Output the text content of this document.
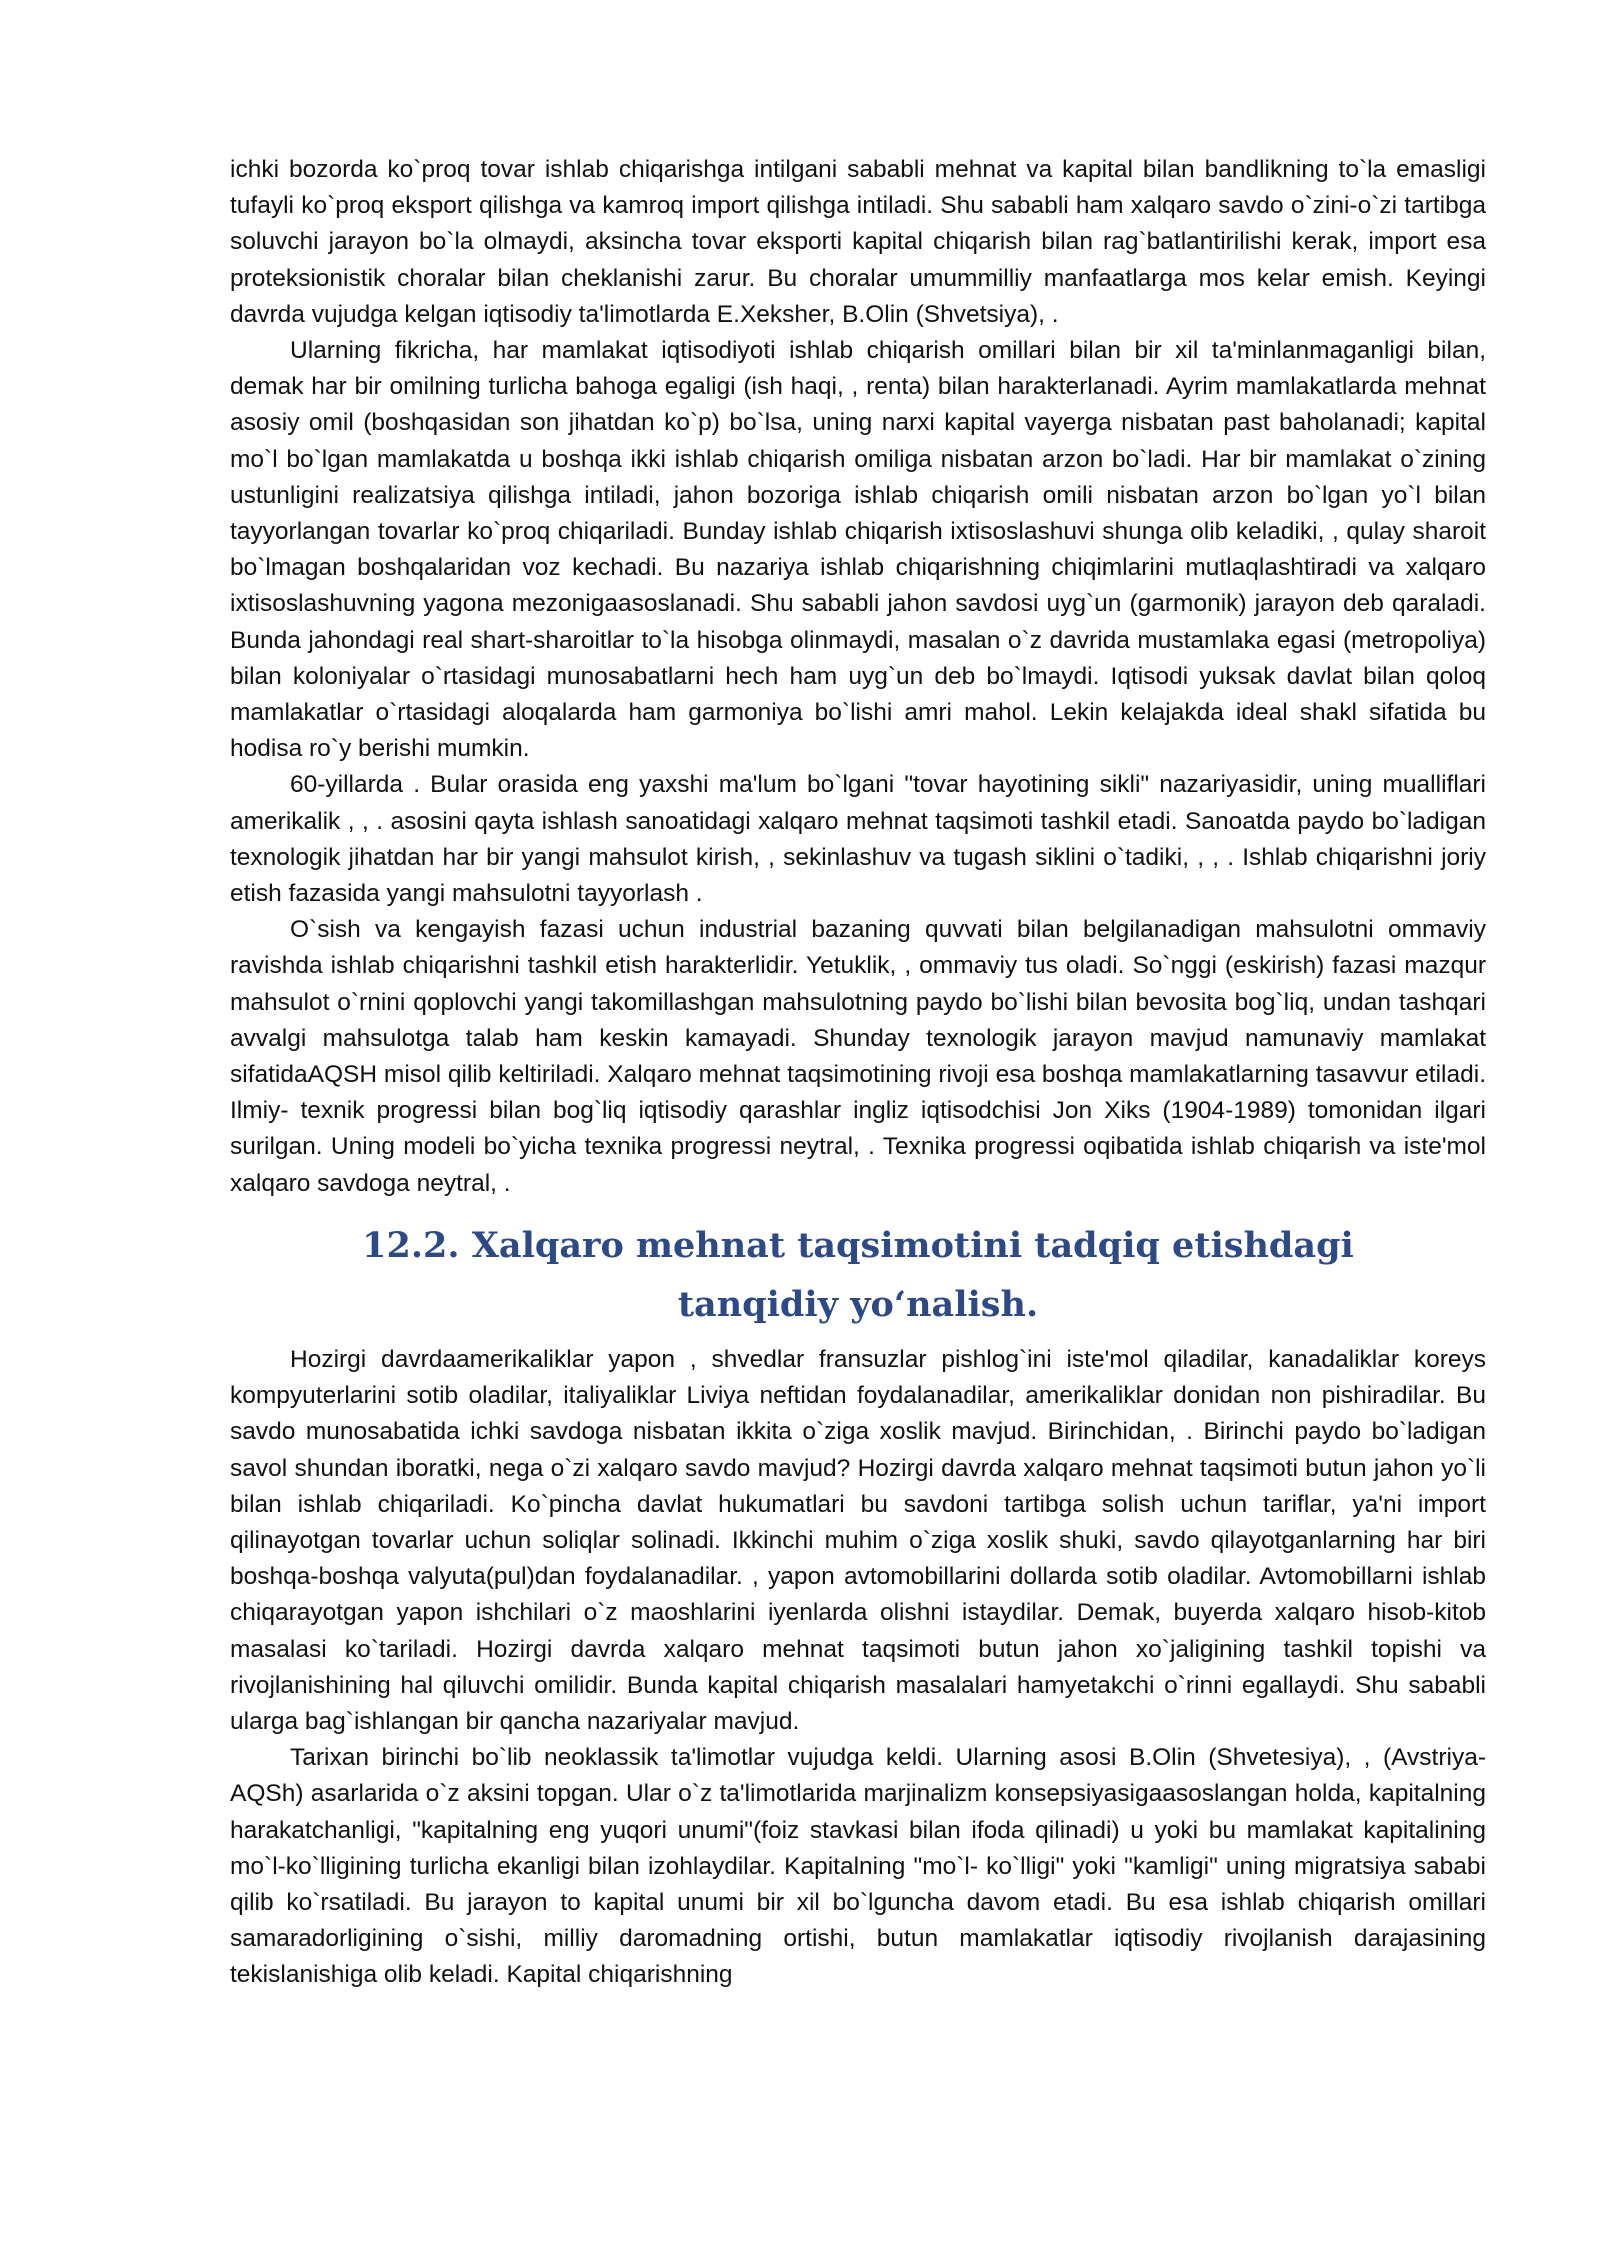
ichki bozorda ko`proq tovar ishlab chiqarishga intilgani sababli mehnat va kapital bilan bandlikning to`la emasligi tufayli ko`proq eksport qilishga va kamroq import qilishga intiladi. Shu sababli ham xalqaro savdo o`zini-o`zi tartibga soluvchi jarayon bo`la olmaydi, aksincha tovar eksporti kapital chiqarish bilan rag`batlantirilishi kerak, import esa proteksionistik choralar bilan cheklanishi zarur. Bu choralar umummilliy manfaatlarga mos kelar emish. Keyingi davrda vujudga kelgan iqtisodiy ta'limotlarda E.Xeksher, B.Olin (Shvetsiya), .

Ularning fikricha, har mamlakat iqtisodiyoti ishlab chiqarish omillari bilan bir xil ta'minlanmaganligi bilan, demak har bir omilning turlicha bahoga egaligi (ish haqi, , renta) bilan harakterlanadi. Ayrim mamlakatlarda mehnat asosiy omil (boshqasidan son jihatdan ko`p) bo`lsa, uning narxi kapital vayerga nisbatan past baholanadi; kapital mo`l bo`lgan mamlakatda u boshqa ikki ishlab chiqarish omiliga nisbatan arzon bo`ladi. Har bir mamlakat o`zining ustunligini realizatsiya qilishga intiladi, jahon bozoriga ishlab chiqarish omili nisbatan arzon bo`lgan yo`l bilan tayyorlangan tovarlar ko`proq chiqariladi. Bunday ishlab chiqarish ixtisoslashuvi shunga olib keladiki, , qulay sharoit bo`lmagan boshqalaridan voz kechadi. Bu nazariya ishlab chiqarishning chiqimlarini mutlaqlashtiradi va xalqaro ixtisoslashuvning yagona mezonigaasoslanadi. Shu sababli jahon savdosi uyg`un (garmonik) jarayon deb qaraladi. Bunda jahondagi real shart-sharoitlar to`la hisobga olinmaydi, masalan o`z davrida mustamlaka egasi (metropoliya) bilan koloniyalar o`rtasidagi munosabatlarni hech ham uyg`un deb bo`lmaydi. Iqtisodi yuksak davlat bilan qoloq mamlakatlar o`rtasidagi aloqalarda ham garmoniya bo`lishi amri mahol. Lekin kelajakda ideal shakl sifatida bu hodisa ro`y berishi mumkin.

60-yillarda . Bular orasida eng yaxshi ma'lum bo`lgani "tovar hayotining sikli" nazariyasidir, uning mualliflari amerikalik , , . asosini qayta ishlash sanoatidagi xalqaro mehnat taqsimoti tashkil etadi. Sanoatda paydo bo`ladigan texnologik jihatdan har bir yangi mahsulot kirish, , sekinlashuv va tugash siklini o`tadiki, , , . Ishlab chiqarishni joriy etish fazasida yangi mahsulotni tayyorlash .

O`sish va kengayish fazasi uchun industrial bazaning quvvati bilan belgilanadigan mahsulotni ommaviy ravishda ishlab chiqarishni tashkil etish harakterlidir. Yetuklik, , ommaviy tus oladi. So`nggi (eskirish) fazasi mazqur mahsulot o`rnini qoplovchi yangi takomillashgan mahsulotning paydo bo`lishi bilan bevosita bog`liq, undan tashqari avvalgi mahsulotga talab ham keskin kamayadi. Shunday texnologik jarayon mavjud namunaviy mamlakat sifatidaAQSH misol qilib keltiriladi. Xalqaro mehnat taqsimotining rivoji esa boshqa mamlakatlarning tasavvur etiladi. Ilmiy- texnik progressi bilan bog`liq iqtisodiy qarashlar ingliz iqtisodchisi Jon Xiks (1904-1989) tomonidan ilgari surilgan. Uning modeli bo`yicha texnika progressi neytral, . Texnika progressi oqibatida ishlab chiqarish va iste'mol xalqaro savdoga neytral, .

12.2. Xalqaro mehnat taqsimotini tadqiq etishdagi tanqidiy yo‘nalish.

Hozirgi davrdaamerikaliklar yapon , shvedlar fransuzlar pishlog`ini iste'mol qiladilar, kanadaliklar koreys kompyuterlarini sotib oladilar, italiyaliklar Liviya neftidan foydalanadilar, amerikaliklar donidan non pishiradilar. Bu savdo munosabatida ichki savdoga nisbatan ikkita o`ziga xoslik mavjud. Birinchidan, . Birinchi paydo bo`ladigan savol shundan iboratki, nega o`zi xalqaro savdo mavjud? Hozirgi davrda xalqaro mehnat taqsimoti butun jahon yo`li bilan ishlab chiqariladi. Ko`pincha davlat hukumatlari bu savdoni tartibga solish uchun tariflar, ya'ni import qilinayotgan tovarlar uchun soliqlar solinadi. Ikkinchi muhim o`ziga xoslik shuki, savdo qilayotganlarning har biri boshqa-boshqa valyuta(pul)dan foydalanadilar. , yapon avtomobillarini dollarda sotib oladilar. Avtomobillarni ishlab chiqarayotgan yapon ishchilari o`z maoshlarini iyenlarda olishni istaydilar. Demak, buyerda xalqaro hisob-kitob masalasi ko`tariladi. Hozirgi davrda xalqaro mehnat taqsimoti butun jahon xo`jaligining tashkil topishi va rivojlanishining hal qiluvchi omilidir. Bunda kapital chiqarish masalalari hamyetakchi o`rinni egallaydi. Shu sababli ularga bag`ishlangan bir qancha nazariyalar mavjud.

Tarixan birinchi bo`lib neoklassik ta'limotlar vujudga keldi. Ularning asosi B.Olin (Shvetesiya), , (Avstriya-AQSh) asarlarida o`z aksini topgan. Ular o`z ta'limotlarida marjinalizm konsepsiyasigaasoslangan holda, kapitalning harakatchanligi, "kapitalning eng yuqori unumi"(foiz stavkasi bilan ifoda qilinadi) u yoki bu mamlakat kapitalining mo`l-ko`lligining turlicha ekanligi bilan izohlaydilar. Kapitalning "mo`l- ko`lligi" yoki "kamligi" uning migratsiya sababi qilib ko`rsatiladi. Bu jarayon to kapital unumi bir xil bo`lguncha davom etadi. Bu esa ishlab chiqarish omillari samaradorligining o`sishi, milliy daromadning ortishi, butun mamlakatlar iqtisodiy rivojlanish darajasining tekislanishiga olib keladi. Kapital chiqarishning
